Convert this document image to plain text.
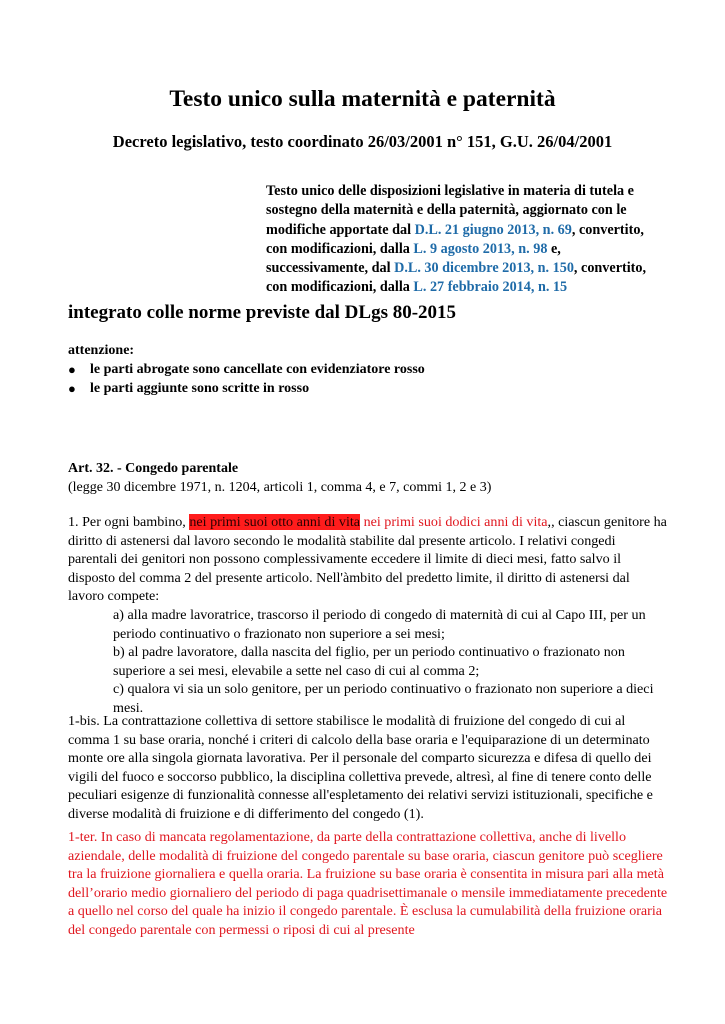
Testo unico sulla maternità e paternità
Decreto legislativo, testo coordinato 26/03/2001 n° 151, G.U. 26/04/2001
Testo unico delle disposizioni legislative in materia di tutela e sostegno della maternità e della paternità, aggiornato con le modifiche apportate dal D.L. 21 giugno 2013, n. 69, convertito, con modificazioni, dalla L. 9 agosto 2013, n. 98 e, successivamente, dal D.L. 30 dicembre 2013, n. 150, convertito, con modificazioni, dalla L. 27 febbraio 2014, n. 15
integrato colle norme previste dal DLgs 80-2015
attenzione:
● le parti abrogate sono cancellate con evidenziatore rosso
● le parti aggiunte sono scritte in rosso
Art. 32. - Congedo parentale
(legge 30 dicembre 1971, n. 1204, articoli 1, comma 4, e 7, commi 1, 2 e 3)
1. Per ogni bambino, nei primi suoi otto anni di vita nei primi suoi dodici anni di vita,, ciascun genitore ha diritto di astenersi dal lavoro secondo le modalità stabilite dal presente articolo. I relativi congedi parentali dei genitori non possono complessivamente eccedere il limite di dieci mesi, fatto salvo il disposto del comma 2 del presente articolo. Nell'àmbito del predetto limite, il diritto di astenersi dal lavoro compete:
a) alla madre lavoratrice, trascorso il periodo di congedo di maternità di cui al Capo III, per un periodo continuativo o frazionato non superiore a sei mesi;
b) al padre lavoratore, dalla nascita del figlio, per un periodo continuativo o frazionato non superiore a sei mesi, elevabile a sette nel caso di cui al comma 2;
c) qualora vi sia un solo genitore, per un periodo continuativo o frazionato non superiore a dieci mesi.
1-bis. La contrattazione collettiva di settore stabilisce le modalità di fruizione del congedo di cui al comma 1 su base oraria, nonché i criteri di calcolo della base oraria e l'equiparazione di un determinato monte ore alla singola giornata lavorativa. Per il personale del comparto sicurezza e difesa di quello dei vigili del fuoco e soccorso pubblico, la disciplina collettiva prevede, altresì, al fine di tenere conto delle peculiari esigenze di funzionalità connesse all'espletamento dei relativi servizi istituzionali, specifiche e diverse modalità di fruizione e di differimento del congedo (1).
1-ter. In caso di mancata regolamentazione, da parte della contrattazione collettiva, anche di livello aziendale, delle modalità di fruizione del congedo parentale su base oraria, ciascun genitore può scegliere tra la fruizione giornaliera e quella oraria. La fruizione su base oraria è consentita in misura pari alla metà dell’orario medio giornaliero del periodo di paga quadrisettimanale o mensile immediatamente precedente a quello nel corso del quale ha inizio il congedo parentale. È esclusa la cumulabilità della fruizione oraria del congedo parentale con permessi o riposi di cui al presente
